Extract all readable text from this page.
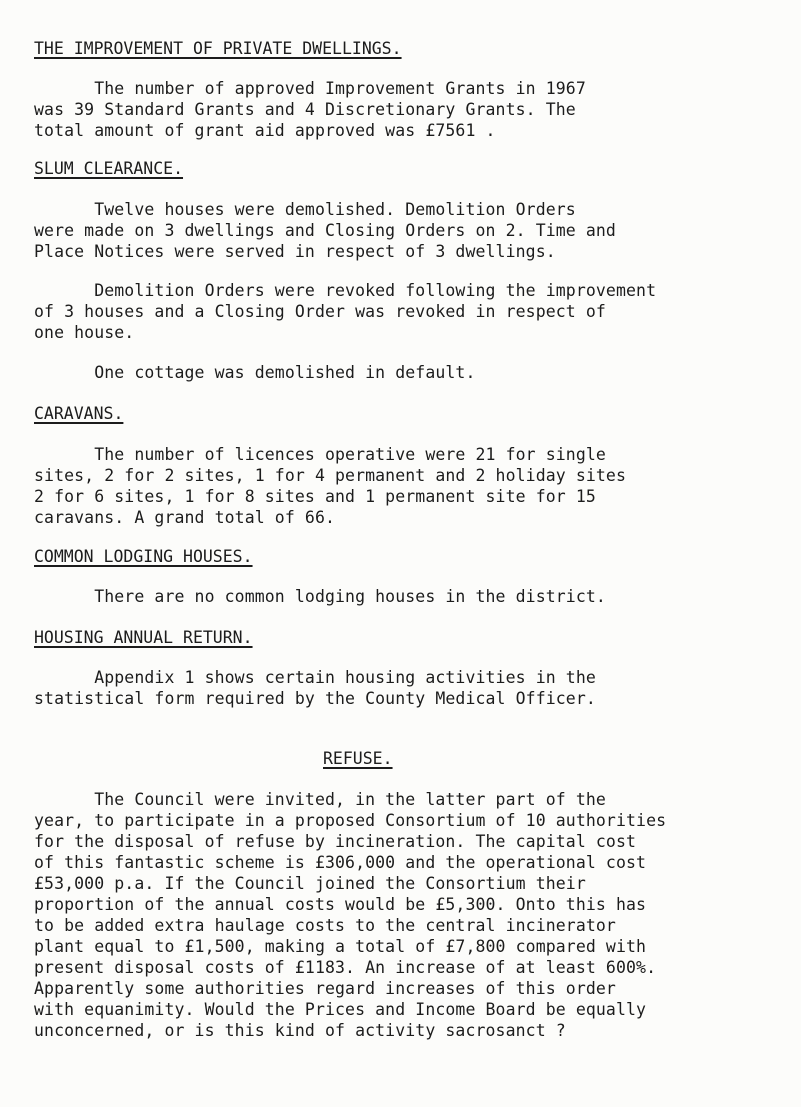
THE IMPROVEMENT OF PRIVATE DWELLINGS.

The number of approved Improvement Grants in 1967
was 39 Standard Grants and 4 Discretionary Grants. The
total amount of grant aid approved was £7561 .

SLUM CLEARANCE.

Twelve houses were demolished. Demolition Orders
were made on 3 dwellings and Closing Orders on 2. Time and
Place Notices were served in respect of 3 dwellings.

Demolition Orders were revoked following the improvement
of 3 houses and a Closing Order was revoked in respect of
one house.

One cottage was demolished in default.

CARAVANS.

The number of licences operative were 21 for single
sites, 2 for 2 sites, 1 for 4 permanent and 2 holiday sites
2 for 6 sites, 1 for 8 sites and 1 permanent site for 15
caravans. A grand total of 66.

COMMON LODGING HOUSES.

There are no common lodging houses in the district.

HOUSING ANNUAL RETURN.

Appendix 1 shows certain housing activities in the
statistical form required by the County Medical Officer.

REFUSE.

The Council were invited, in the latter part of the
year, to participate in a proposed Consortium of 10 authorities
for the disposal of refuse by incineration. The capital cost
of this fantastic scheme is £306,000 and the operational cost
£53,000 p.a. If the Council joined the Consortium their
proportion of the annual costs would be £5,300. Onto this has
to be added extra haulage costs to the central incinerator
plant equal to £1,500, making a total of £7,800 compared with
present disposal costs of £1183. An increase of at least 600%.
Apparently some authorities regard increases of this order
with equanimity. Would the Prices and Income Board be equally
unconcerned, or is this kind of activity sacrosanct ?
